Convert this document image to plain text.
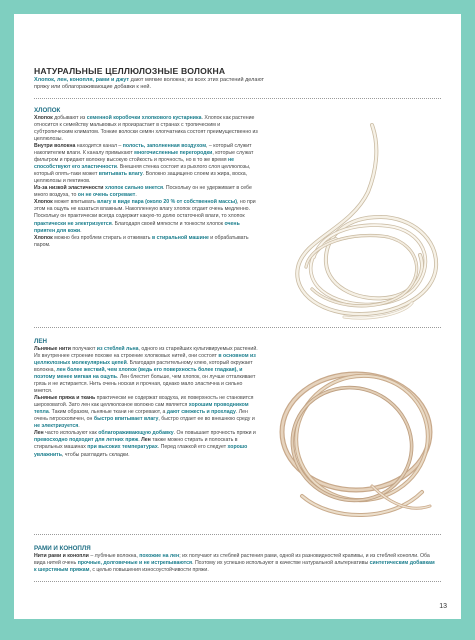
НАТУРАЛЬНЫЕ ЦЕЛЛЮЛОЗНЫЕ ВОЛОКНА
Хлопок, лен, конопля, рами и джут дают мягкие волокна; из всех этих растений делают пряжу или облагораживающие добавки к ней.
ХЛОПОК

Хлопок добывают из семенной коробочки хлопкового кустарника. Хлопок как растение относится к семейству мальвовых и произрастает в странах с тропическим и субтропическим климатом. Тонкие волоски семян хлопчатника состоят преимущественно из целлюлозы.

Внутри волокна находится канал – полость, заполненная воздухом, – который служит накопителем влаги. К каналу примыкают многочисленные перегородки, которые служат фильтром и придают волокну высокую стойкость и прочность, но в то же время не способствуют его эластичности. Внешняя стенка состоит из рыхлого слоя целлюлозы, который опять-таки может впитывать влагу. Волокно защищено слоем из жира, воска, целлюлозы и пектинов.

Из-за низкой эластичности хлопок сильно мнется. Поскольку он не удерживает в себе много воздуха, то он не очень согревает.

Хлопок может впитывать влагу в виде пара (около 20 % от собственной массы), но при этом на ощупь не казаться влажным. Накопленную влагу хлопок отдает очень медленно. Поскольку он практически всегда содержит какую-то долю остаточной влаги, то хлопок практически не электризуется. Благодаря своей мягкости и тонкости хлопок очень приятен для кожи.

Хлопок можно без проблем стирать и отжимать в стиральной машине и обрабатывать паром.

ЛЕН

Льняные нити получают из стеблей льна, одного из старейших культивируемых растений. Их внутреннее строение похоже на строение хлопковых нитей, они состоят в основном из целлюлозных молекулярных цепей. Благодаря растительному клею, который окружает волокна, лен более жесткий, чем хлопок (ведь его поверхность более гладкая), и поэтому менее мягкая на ощупь. Лен блестит больше, чем хлопок, он лучше отталкивает грязь и не истирается. Нить очень ноская и прочная, однако мало эластична и сильно мнется.

Льняные пряжа и ткань практически не содержат воздуха, их поверхность не становится шероховатой. Зато лен как целлюлозное волокно сам является хорошим проводником тепла. Таким образом, льняные ткани не согревают, а дают свежесть и прохладу. Лен очень гигроскопичен, он быстро впитывает влагу, быстро отдает ее во внешнюю среду и не электризуется.

Лен часто используют как облагораживающую добавку. Он повышает прочность пряжи и превосходно подходит для летних пряж. Лен также можно стирать и полоскать в стиральных машинах при высоких температурах. Перед глажкой его следует хорошо увлажнить, чтобы разгладить складки.

РАМИ И КОНОПЛЯ

Нити рами и конопли – лубяные волокна, похожие на лен; их получают из стеблей растения рами, одной из разновидностей крапивы, и из стеблей конопли. Оба вида нитей очень прочные, долговечные и не истрепываются. Поэтому их успешно используют в качестве натуральной альтернативы синтетическим добавкам к шерстяным пряжам, с целью повышения износоустойчивости пряжи.

13
